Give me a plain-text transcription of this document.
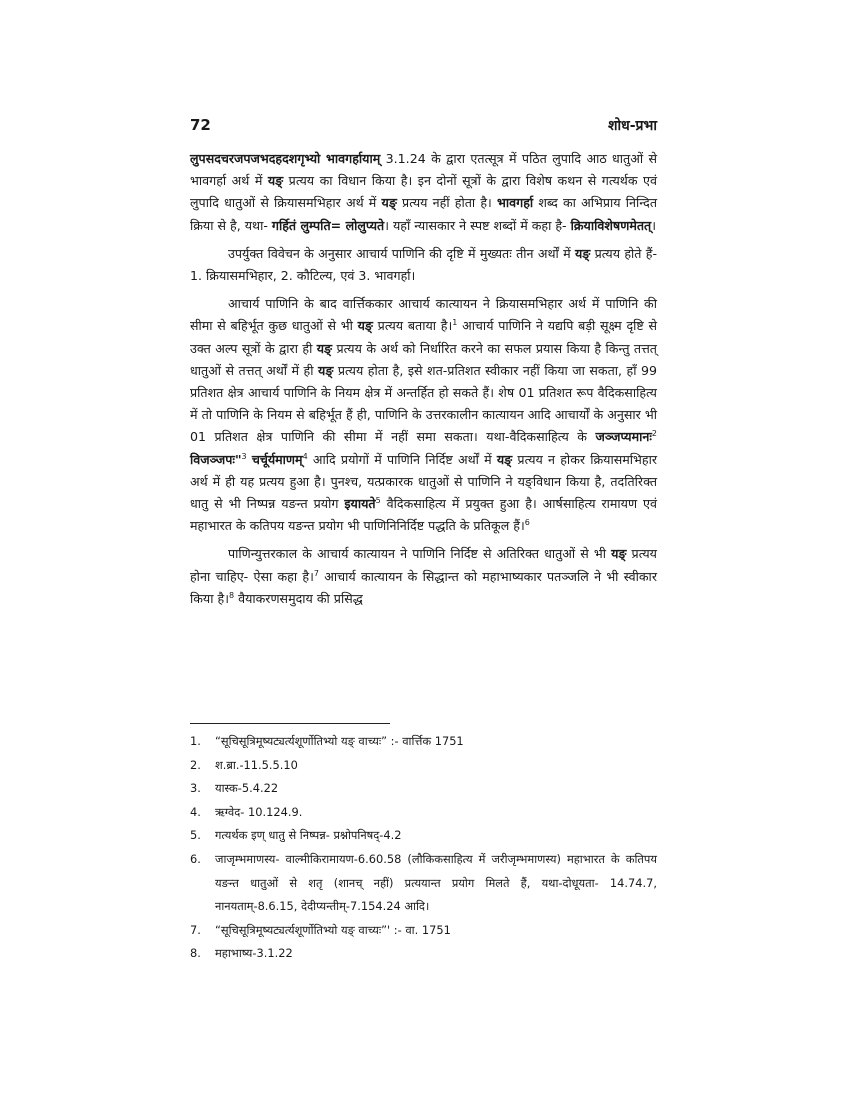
72	शोध-प्रभा

लुपसदचरजपजभदहदशगृभ्यो भावगर्हायाम् 3.1.24 के द्वारा एतत्सूत्र में पठित लुपादि आठ धातुओं से भावगर्हा अर्थ में यङ् प्रत्यय का विधान किया है। इन दोनों सूत्रों के द्वारा विशेष कथन से गत्यर्थक एवं लुपादि धातुओं से क्रियासमभिहार अर्थ में यङ् प्रत्यय नहीं होता है। भावगर्हा शब्द का अभिप्राय निन्दित क्रिया से है, यथा- गर्हितं लुम्पति= लोलुप्यते। यहाँ न्यासकार ने स्पष्ट शब्दों में कहा है- क्रियाविशेषणमेतत्।

उपर्युक्त विवेचन के अनुसार आचार्य पाणिनि की दृष्टि में मुख्यतः तीन अर्थों में यङ् प्रत्यय होते हैं- 1. क्रियासमभिहार, 2. कौटिल्य, एवं 3. भावगर्हा।

आचार्य पाणिनि के बाद वार्त्तिककार आचार्य कात्यायन ने क्रियासमभिहार अर्थ में पाणिनि की सीमा से बहिर्भूत कुछ धातुओं से भी यङ् प्रत्यय बताया है।$^1$ आचार्य पाणिनि ने यद्यपि बड़ी सूक्ष्म दृष्टि से उक्त अल्प सूत्रों के द्वारा ही यङ् प्रत्यय के अर्थ को निर्धारित करने का सफल प्रयास किया है किन्तु तत्तत् धातुओं से तत्तत् अर्थों में ही यङ् प्रत्यय होता है, इसे शत-प्रतिशत स्वीकार नहीं किया जा सकता, हाँ 99 प्रतिशत क्षेत्र आचार्य पाणिनि के नियम क्षेत्र में अन्तर्हित हो सकते हैं। शेष 01 प्रतिशत रूप वैदिकसाहित्य में तो पाणिनि के नियम से बहिर्भूत हैं ही, पाणिनि के उत्तरकालीन कात्यायन आदि आचार्यों के अनुसार भी 01 प्रतिशत क्षेत्र पाणिनि की सीमा में नहीं समा सकता। यथा-वैदिकसाहित्य के जञ्जप्यमानः$^2$ विजञ्जपः"$^3$ चर्चूर्यमाणम्$^4$ आदि प्रयोगों में पाणिनि निर्दिष्ट अर्थों में यङ् प्रत्यय न होकर क्रियासमभिहार अर्थ में ही यह प्रत्यय हुआ है। पुनश्च, यत्प्रकारक धातुओं से पाणिनि ने यङ्विधान किया है, तदतिरिक्त धातु से भी निष्पन्न यङन्त प्रयोग इयायते$^5$ वैदिकसाहित्य में प्रयुक्त हुआ है। आर्षसाहित्य रामायण एवं महाभारत के कतिपय यङन्त प्रयोग भी पाणिनिनिर्दिष्ट पद्धति के प्रतिकूल हैं।$^6$

पाणिन्युत्तरकाल के आचार्य कात्यायन ने पाणिनि निर्दिष्ट से अतिरिक्त धातुओं से भी यङ् प्रत्यय होना चाहिए- ऐसा कहा है।$^7$ आचार्य कात्यायन के सिद्धान्त को महाभाष्यकार पतञ्जलि ने भी स्वीकार किया है।$^8$ वैयाकरणसमुदाय की प्रसिद्ध

1.	“सूचिसूत्रिमूष्यट्यर्त्यशूर्णोतिभ्यो यङ् वाच्यः” :- वार्त्तिक 1751
2.	श.ब्रा.-11.5.5.10
3.	यास्क-5.4.22
4.	ऋग्वेद- 10.124.9.
5.	गत्यर्थक इण् धातु से निष्पन्न- प्रश्नोपनिषद्-4.2
6.	जाजृम्भमाणस्य- वाल्मीकिरामायण-6.60.58 (लौकिकसाहित्य में जरीजृम्भमाणस्य) महाभारत के कतिपय यङन्त धातुओं से शतृ (शानच् नहीं) प्रत्ययान्त प्रयोग मिलते हैं, यथा-दोधूयता- 14.74.7, नानयताम्-8.6.15, देदीप्यन्तीम्-7.154.24 आदि।
7.	“सूचिसूत्रिमूष्यट्यर्त्यशूर्णोतिभ्यो यङ् वाच्यः”' :- वा. 1751
8.	महाभाष्य-3.1.22
